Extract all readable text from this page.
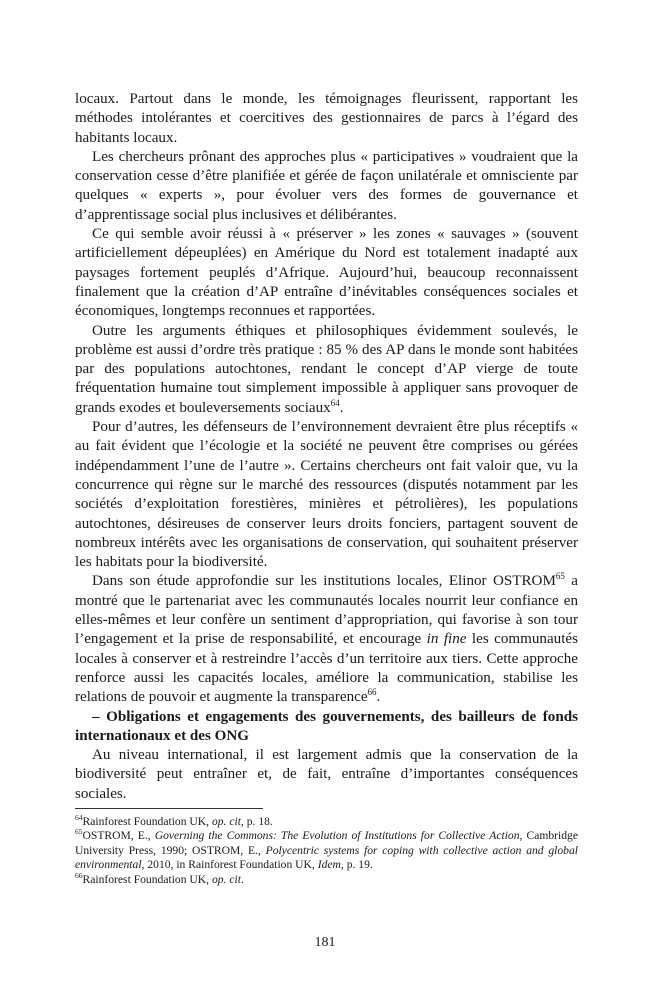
locaux. Partout dans le monde, les témoignages fleurissent, rapportant les méthodes intolérantes et coercitives des gestionnaires de parcs à l’égard des habitants locaux.

Les chercheurs prônant des approches plus « participatives » voudraient que la conservation cesse d’être planifiée et gérée de façon unilatérale et omnisciente par quelques « experts », pour évoluer vers des formes de gouvernance et d’apprentissage social plus inclusives et délibérantes.

Ce qui semble avoir réussi à « préserver » les zones « sauvages » (souvent artificiellement dépeuplées) en Amérique du Nord est totalement inadapté aux paysages fortement peuplés d’Afrique. Aujourd’hui, beaucoup reconnaissent finalement que la création d’AP entraîne d’inévitables conséquences sociales et économiques, longtemps reconnues et rapportées.

Outre les arguments éthiques et philosophiques évidemment soulevés, le problème est aussi d’ordre très pratique : 85 % des AP dans le monde sont habitées par des populations autochtones, rendant le concept d’AP vierge de toute fréquentation humaine tout simplement impossible à appliquer sans provoquer de grands exodes et bouleversements sociaux$^{64}$.

Pour d’autres, les défenseurs de l’environnement devraient être plus réceptifs « au fait évident que l’écologie et la société ne peuvent être comprises ou gérées indépendamment l’une de l’autre ». Certains chercheurs ont fait valoir que, vu la concurrence qui règne sur le marché des ressources (disputés notamment par les sociétés d’exploitation forestières, minières et pétrolières), les populations autochtones, désireuses de conserver leurs droits fonciers, partagent souvent de nombreux intérêts avec les organisations de conservation, qui souhaitent préserver les habitats pour la biodiversité.

Dans son étude approfondie sur les institutions locales, Elinor OSTROM$^{65}$ a montré que le partenariat avec les communautés locales nourrit leur confiance en elles-mêmes et leur confère un sentiment d’appropriation, qui favorise à son tour l’engagement et la prise de responsabilité, et encourage in fine les communautés locales à conserver et à restreindre l’accès d’un territoire aux tiers. Cette approche renforce aussi les capacités locales, améliore la communication, stabilise les relations de pouvoir et augmente la transparence$^{66}$.

– Obligations et engagements des gouvernements, des bailleurs de fonds internationaux et des ONG

Au niveau international, il est largement admis que la conservation de la biodiversité peut entraîner et, de fait, entraîne d’importantes conséquences sociales.

$^{64}$Rainforest Foundation UK, op. cit, p. 18.

$^{65}$OSTROM, E., Governing the Commons: The Evolution of Institutions for Collective Action, Cambridge University Press, 1990; OSTROM, E., Polycentric systems for coping with collective action and global environmental, 2010, in Rainforest Foundation UK, Idem, p. 19.

$^{66}$Rainforest Foundation UK, op. cit.

181
